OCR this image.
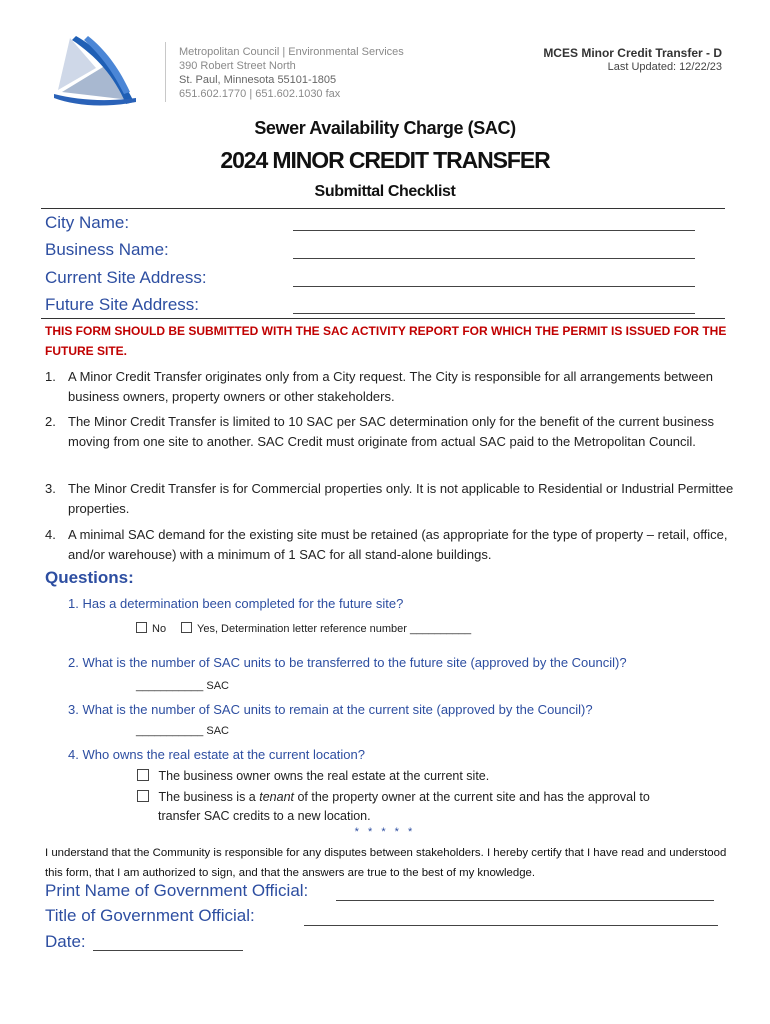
Metropolitan Council | Environmental Services
390 Robert Street North
St. Paul, Minnesota 55101-1805
651.602.1770 | 651.602.1030 fax
MCES Minor Credit Transfer - D
Last Updated: 12/22/23
Sewer Availability Charge (SAC)
2024 MINOR CREDIT TRANSFER
Submittal Checklist
City Name:
Business Name:
Current Site Address:
Future Site Address:
THIS FORM SHOULD BE SUBMITTED WITH THE SAC ACTIVITY REPORT FOR WHICH THE PERMIT IS ISSUED FOR THE FUTURE SITE.
1. A Minor Credit Transfer originates only from a City request. The City is responsible for all arrangements between business owners, property owners or other stakeholders.
2. The Minor Credit Transfer is limited to 10 SAC per SAC determination only for the benefit of the current business moving from one site to another. SAC Credit must originate from actual SAC paid to the Metropolitan Council.
3. The Minor Credit Transfer is for Commercial properties only. It is not applicable to Residential or Industrial Permittee properties.
4. A minimal SAC demand for the existing site must be retained (as appropriate for the type of property – retail, office, and/or warehouse) with a minimum of 1 SAC for all stand-alone buildings.
Questions:
1. Has a determination been completed for the future site?
No	Yes, Determination letter reference number __________
2. What is the number of SAC units to be transferred to the future site (approved by the Council)?
___________ SAC
3. What is the number of SAC units to remain at the current site (approved by the Council)?
___________ SAC
4. Who owns the real estate at the current location?
The business owner owns the real estate at the current site.
The business is a tenant of the property owner at the current site and has the approval to
transfer SAC credits to a new location.
* * * * *
I understand that the Community is responsible for any disputes between stakeholders. I hereby certify that I have read and understood this form, that I am authorized to sign, and that the answers are true to the best of my knowledge.
Print Name of Government Official:
Title of Government Official:
Date:
